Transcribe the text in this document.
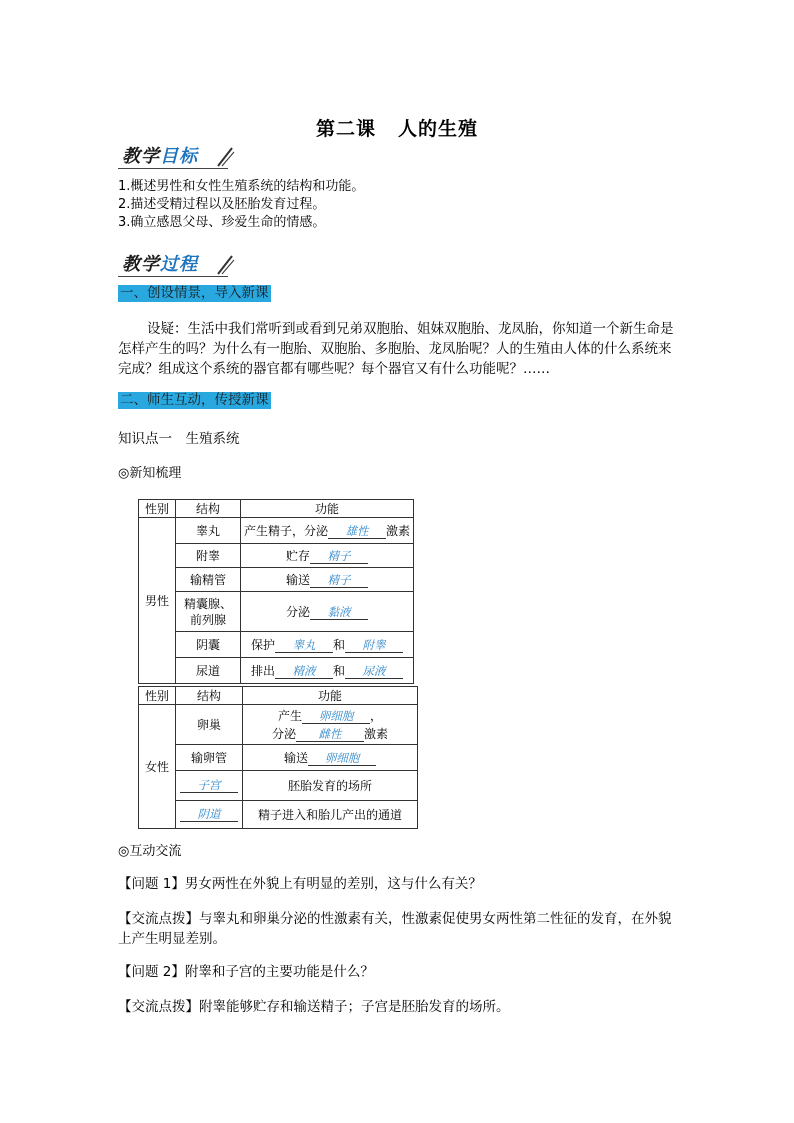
第二课 人的生殖
教学目标
1.概述男性和女性生殖系统的结构和功能。
2.描述受精过程以及胚胎发育过程。
3.确立感恩父母、珍爱生命的情感。
教学过程
一、创设情景，导入新课
设疑：生活中我们常听到或看到兄弟双胞胎、姐妹双胞胎、龙凤胎，你知道一个新生命是怎样产生的吗？为什么有一胞胎、双胞胎、多胞胎、龙凤胎呢？人的生殖由人体的什么系统来完成？组成这个系统的器官都有哪些呢？每个器官又有什么功能呢？……
二、师生互动，传授新课
知识点一　生殖系统
◎新知梳理
性别	结构	功能
男性	睾丸	产生精子，分泌 雄性 激素
	附睾	贮存 精子
	输精管	输送 精子
	精囊腺、前列腺	分泌 黏液
	阴囊	保护 睾丸 和 附睾
	尿道	排出 精液 和 尿液
性别	结构	功能
女性	卵巢	产生 卵细胞 ，
分泌 雌性 激素

	输卵管	输送 卵细胞
	子宫	胚胎发育的场所
	阴道	精子进入和胎儿产出的通道
◎互动交流
【问题 1】男女两性在外貌上有明显的差别，这与什么有关？
【交流点拨】与睾丸和卵巢分泌的性激素有关，性激素促使男女两性第二性征的发育，在外貌上产生明显差别。
【问题 2】附睾和子宫的主要功能是什么？
【交流点拨】附睾能够贮存和输送精子；子宫是胚胎发育的场所。
